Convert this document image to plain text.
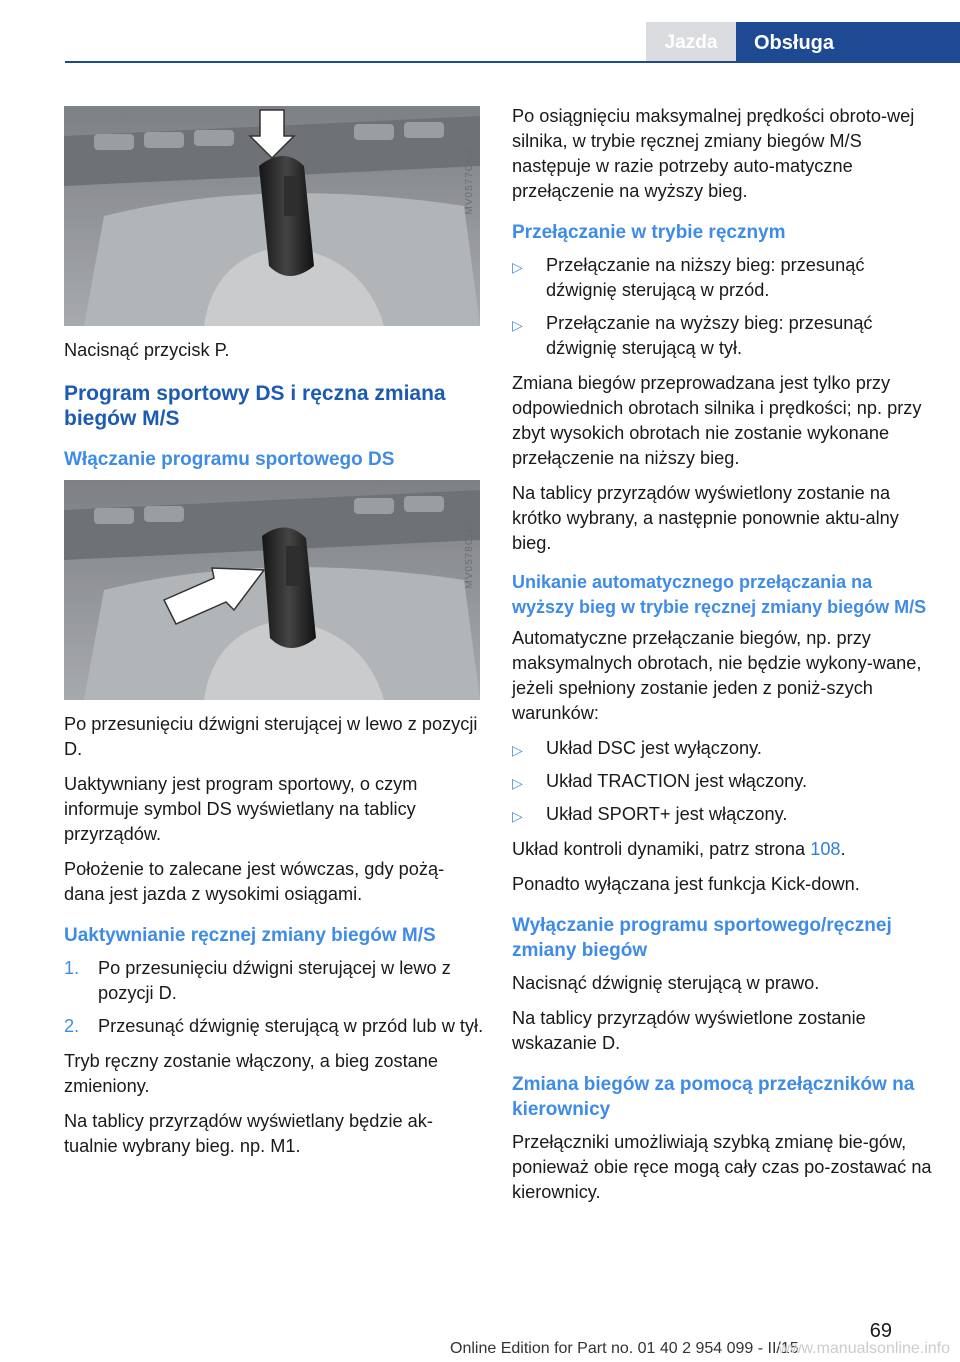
Jazda	Obsługa
MV0577CMA

Nacisnąć przycisk P.

Program sportowy DS i ręczna zmiana biegów M/S
Włączanie programu sportowego DS
MV0578CMA

Po przesunięciu dźwigni sterującej w lewo z pozycji D.

Uaktywniany jest program sportowy, o czym informuje symbol DS wyświetlany na tablicy przyrządów.

Położenie to zalecane jest wówczas, gdy pożą‐dana jest jazda z wysokimi osiągami.

Uaktywnianie ręcznej zmiany biegów M/S
1. Po przesunięciu dźwigni sterującej w lewo z pozycji D.
2. Przesunąć dźwignię sterującą w przód lub w tył.

Tryb ręczny zostanie włączony, a bieg zostane zmieniony.

Na tablicy przyrządów wyświetlany będzie ak‐tualnie wybrany bieg. np. M1.

Po osiągnięciu maksymalnej prędkości obroto‐wej silnika, w trybie ręcznej zmiany biegów M/S następuje w razie potrzeby auto‐matyczne przełączenie na wyższy bieg.

Przełączanie w trybie ręcznym
▷ Przełączanie na niższy bieg: przesunąć dźwignię sterującą w przód.
▷ Przełączanie na wyższy bieg: przesunąć dźwignię sterującą w tył.

Zmiana biegów przeprowadzana jest tylko przy odpowiednich obrotach silnika i prędkości; np. przy zbyt wysokich obrotach nie zostanie wykonane przełączenie na niższy bieg.

Na tablicy przyrządów wyświetlony zostanie na krótko wybrany, a następnie ponownie aktu‐alny bieg.

Unikanie automatycznego przełączania na wyższy bieg w trybie ręcznej zmiany biegów M/S

Automatyczne przełączanie biegów, np. przy maksymalnych obrotach, nie będzie wykony‐wane, jeżeli spełniony zostanie jeden z poniż‐szych warunków:

▷ Układ DSC jest wyłączony.
▷ Układ TRACTION jest włączony.
▷ Układ SPORT+ jest włączony.

Układ kontroli dynamiki, patrz strona 108.

Ponadto wyłączana jest funkcja Kick-down.

Wyłączanie programu sportowego/ręcznej zmiany biegów

Nacisnąć dźwignię sterującą w prawo.

Na tablicy przyrządów wyświetlone zostanie wskazanie D.

Zmiana biegów za pomocą przełączników na kierownicy

Przełączniki umożliwiają szybką zmianę bie‐gów, ponieważ obie ręce mogą cały czas po‐zostawać na kierownicy.

69
Online Edition for Part no. 01 40 2 954 099 - II/15
www.manualsonline.info
